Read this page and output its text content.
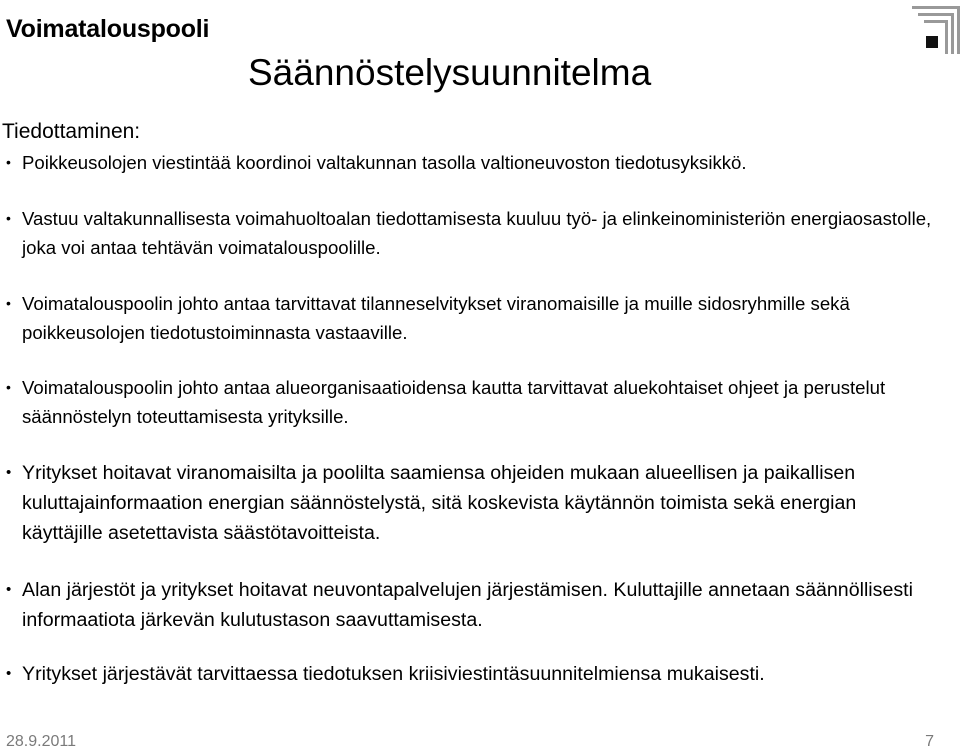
Voimatalouspooli
Säännöstelysuunnitelma
Tiedottaminen:
• Poikkeusolojen viestintää koordinoi valtakunnan tasolla valtioneuvoston tiedotusyksikkö.
• Vastuu valtakunnallisesta voimahuoltoalan tiedottamisesta kuuluu työ- ja elinkeinoministeriön energiaosastolle, joka voi antaa tehtävän voimatalouspoolille.
• Voimatalouspoolin johto antaa tarvittavat tilanneselvitykset viranomaisille ja muille sidosryhmille sekä poikkeusolojen tiedotustoiminnasta vastaaville.
• Voimatalouspoolin johto antaa alueorganisaatioidensa kautta tarvittavat aluekohtaiset ohjeet ja perustelut säännöstelyn toteuttamisesta yrityksille.
• Yritykset hoitavat viranomaisilta ja poolilta saamiensa ohjeiden mukaan alueellisen ja paikallisen kuluttajainformaation energian säännöstelystä, sitä koskevista käytännön toimista sekä energian käyttäjille asetettavista säästötavoitteista.
• Alan järjestöt ja yritykset hoitavat neuvontapalvelujen järjestämisen. Kuluttajille annetaan säännöllisesti informaatiota järkevän kulutustason saavuttamisesta.
• Yritykset järjestävät tarvittaessa tiedotuksen kriisiviestintäsuunnitelmiensa mukaisesti.
28.9.2011	7
